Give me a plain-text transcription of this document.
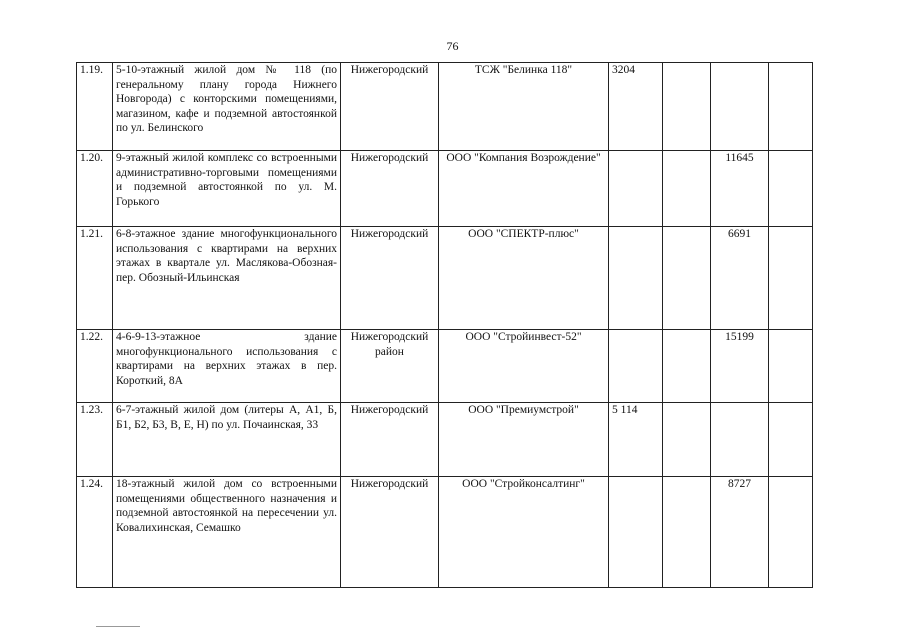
76
1.19.	5-10-этажный жилой дом № 118 (по генеральному плану города Нижнего Новгорода) с конторскими помещениями, магазином, кафе и подземной автостоянкой по ул. Белинского	Нижегородский	ТСЖ "Белинка 118"	3204			
1.20.	9-этажный жилой комплекс со встроенными административно-торговыми помещениями и подземной автостоянкой по ул. М. Горького	Нижегородский	ООО "Компания Возрождение"			11645	
1.21.	6-8-этажное здание многофункционального использования с квартирами на верхних этажах в квартале ул. Маслякова-Обозная-пер. Обозный-Ильинская	Нижегородский	ООО "СПЕКТР-плюс"			6691	
1.22.	4-6-9-13-этажное здание многофункционального использования с квартирами на верхних этажах в пер. Короткий, 8А	Нижегородский район	ООО "Стройинвест-52"			15199	
1.23.	6-7-этажный жилой дом (литеры А, А1, Б, Б1, Б2, Б3, В, Е, Н) по ул. Почаинская, 33	Нижегородский	ООО "Премиумстрой"	5 114			
1.24.	18-этажный жилой дом со встроенными помещениями общественного назначения и подземной автостоянкой на пересечении ул. Ковалихинская, Семашко	Нижегородский	ООО "Стройконсалтинг"			8727	
